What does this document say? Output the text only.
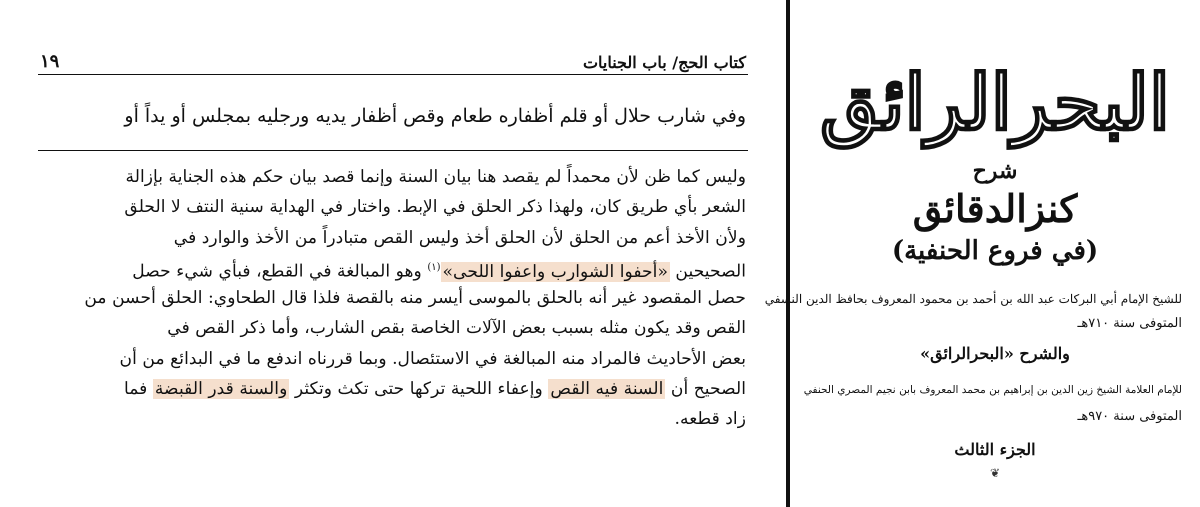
كتاب الحج/ باب الجنايات
١٩
وفي شارب حلال أو قلم أظفاره طعام وقص أظفار يديه ورجليه بمجلس أو يداً أو
وليس كما ظن لأن محمداً لم يقصد هنا بيان السنة وإنما قصد بيان حكم هذه الجناية بإزالة
الشعر بأي طريق كان، ولهذا ذكر الحلق في الإبط. واختار في الهداية سنية النتف لا الحلق
ولأن الأخذ أعم من الحلق لأن الحلق أخذ وليس القص متبادراً من الأخذ والوارد في
الصحيحين «أحفوا الشوارب واعفوا اللحى»$^{(١)}$ وهو المبالغة في القطع، فبأي شيء حصل
حصل المقصود غير أنه بالحلق بالموسى أيسر منه بالقصة فلذا قال الطحاوي: الحلق أحسن من
القص وقد يكون مثله بسبب بعض الآلات الخاصة بقص الشارب، وأما ذكر القص في
بعض الأحاديث فالمراد منه المبالغة في الاستئصال. وبما قررناه اندفع ما في البدائع من أن
الصحيح أن السنة فيه القص وإعفاء اللحية تركها حتى تكث وتكثر والسنة قدر القبضة فما
زاد قطعه.
البحرالرائق
شرح
كنزالدقائق
(في فروع الحنفية)
للشيخ الإمام أبي البركات عبد الله بن أحمد بن محمود المعروف بحافظ الدين النسفي
المتوفى سنة ٧١٠هـ
والشرح «البحرالرائق»
للإمام العلامة الشيخ زين الدين بن إبراهيم بن محمد المعروف بابن نجيم المصري الحنفي
المتوفى سنة ٩٧٠هـ
الجزء الثالث
❦
